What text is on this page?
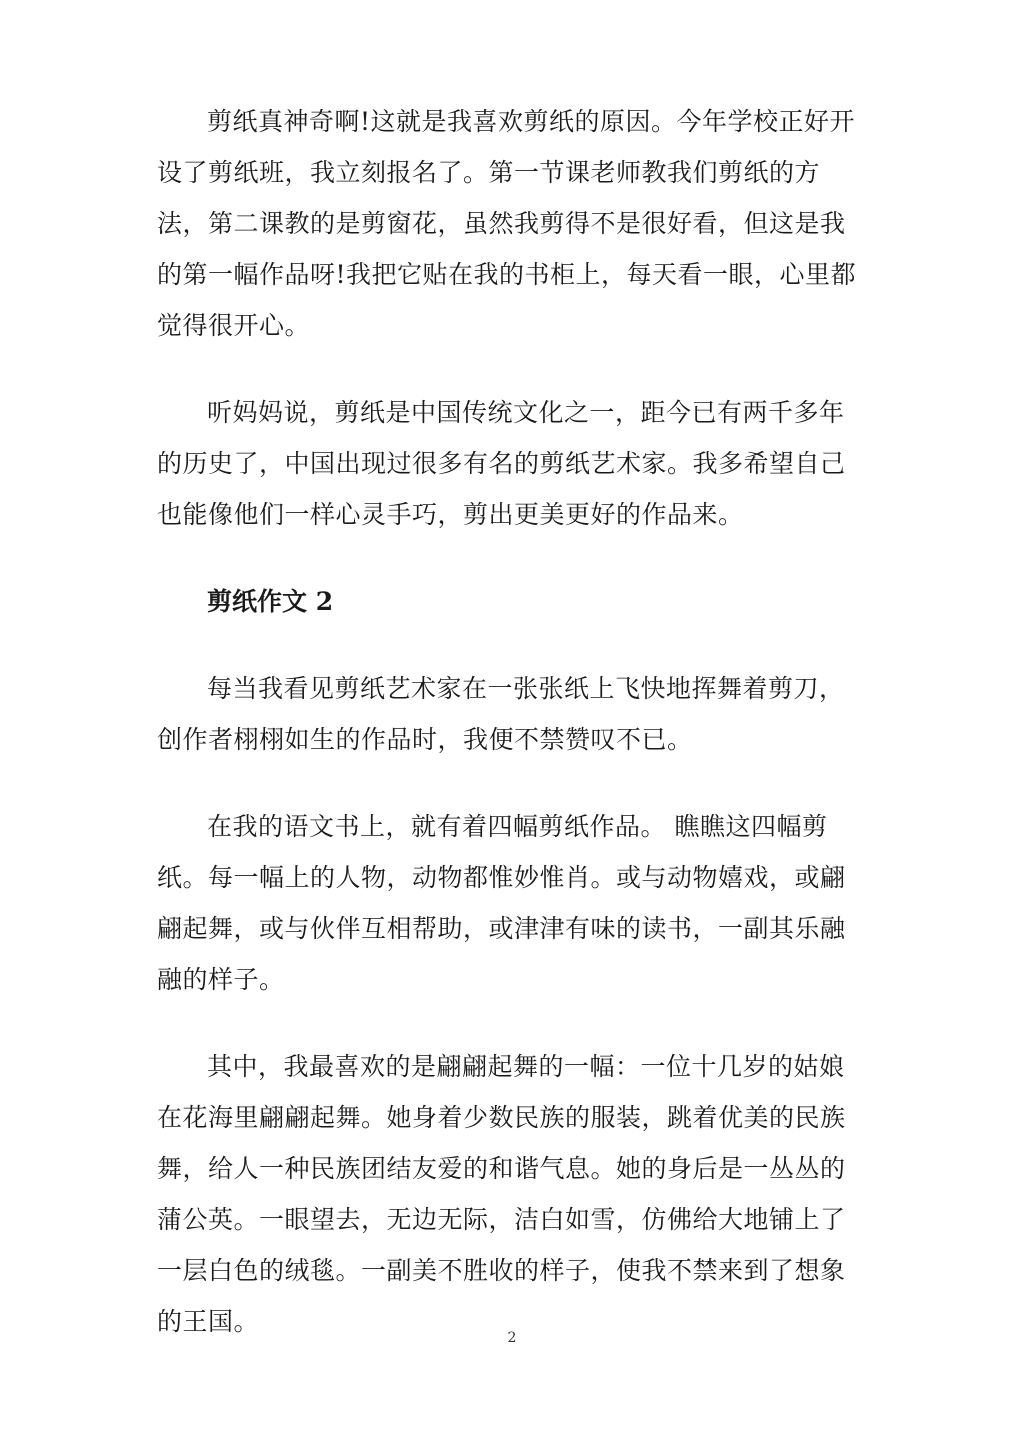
剪纸真神奇啊!这就是我喜欢剪纸的原因。今年学校正好开
设了剪纸班，我立刻报名了。第一节课老师教我们剪纸的方
法，第二课教的是剪窗花，虽然我剪得不是很好看，但这是我
的第一幅作品呀!我把它贴在我的书柜上，每天看一眼，心里都
觉得很开心。

听妈妈说，剪纸是中国传统文化之一，距今已有两千多年
的历史了，中国出现过很多有名的剪纸艺术家。我多希望自己
也能像他们一样心灵手巧，剪出更美更好的作品来。

剪纸作文 2

每当我看见剪纸艺术家在一张张纸上飞快地挥舞着剪刀，
创作者栩栩如生的作品时，我便不禁赞叹不已。

在我的语文书上，就有着四幅剪纸作品。 瞧瞧这四幅剪
纸。每一幅上的人物，动物都惟妙惟肖。或与动物嬉戏，或翩
翩起舞，或与伙伴互相帮助，或津津有味的读书，一副其乐融
融的样子。

其中，我最喜欢的是翩翩起舞的一幅：一位十几岁的姑娘
在花海里翩翩起舞。她身着少数民族的服装，跳着优美的民族
舞，给人一种民族团结友爱的和谐气息。她的身后是一丛丛的
蒲公英。一眼望去，无边无际，洁白如雪，仿佛给大地铺上了
一层白色的绒毯。一副美不胜收的样子，使我不禁来到了想象
的王国。

2
